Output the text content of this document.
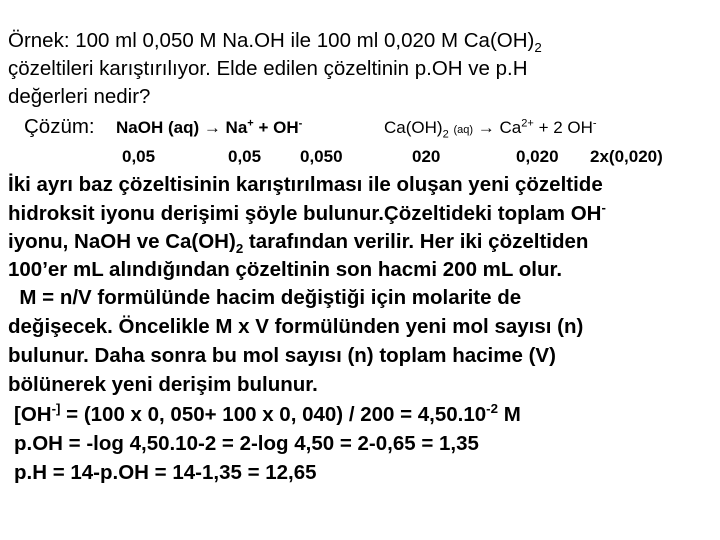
Örnek: 100 ml 0,050 M Na.OH ile 100 ml 0,020 M $Ca(OH)_2$
çözeltileri karıştırılıyor. Elde edilen çözeltinin p.OH ve p.H
değerleri nedir?
Çözüm: NaOH (aq) → Na+ + OH-	$Ca(OH)_2$ $(aq) \to Ca^{2+} + 2$ OH-
0,05	0,05 0,050	020	0,020 2x(0,020)
İki ayrı baz çözeltisinin karıştırılması ile oluşan yeni çözeltide
hidroksit iyonu derişimi şöyle bulunur.Çözeltideki toplam OH-
iyonu, NaOH ve $Ca(OH)_2$ tarafından verilir. Her iki çözeltiden
100’er mL alındığından çözeltinin son hacmi 200 mL olur.
M = n/V formülünde hacim değiştiği için molarite de
değişecek. Öncelikle M x V formülünden yeni mol sayısı (n)
bulunur. Daha sonra bu mol sayısı (n) toplam hacime (V)
bölünerek yeni derişim bulunur.
[OH-] = (100 x 0, 050+ 100 x 0, $040) / 200 = 4,50.10^{-2}$ M
p.OH = -log 4,50.10-2 = 2-log 4,50 = 2-0,65 = 1,35
p.H = 14-p.OH = 14-1,35 = 12,65
